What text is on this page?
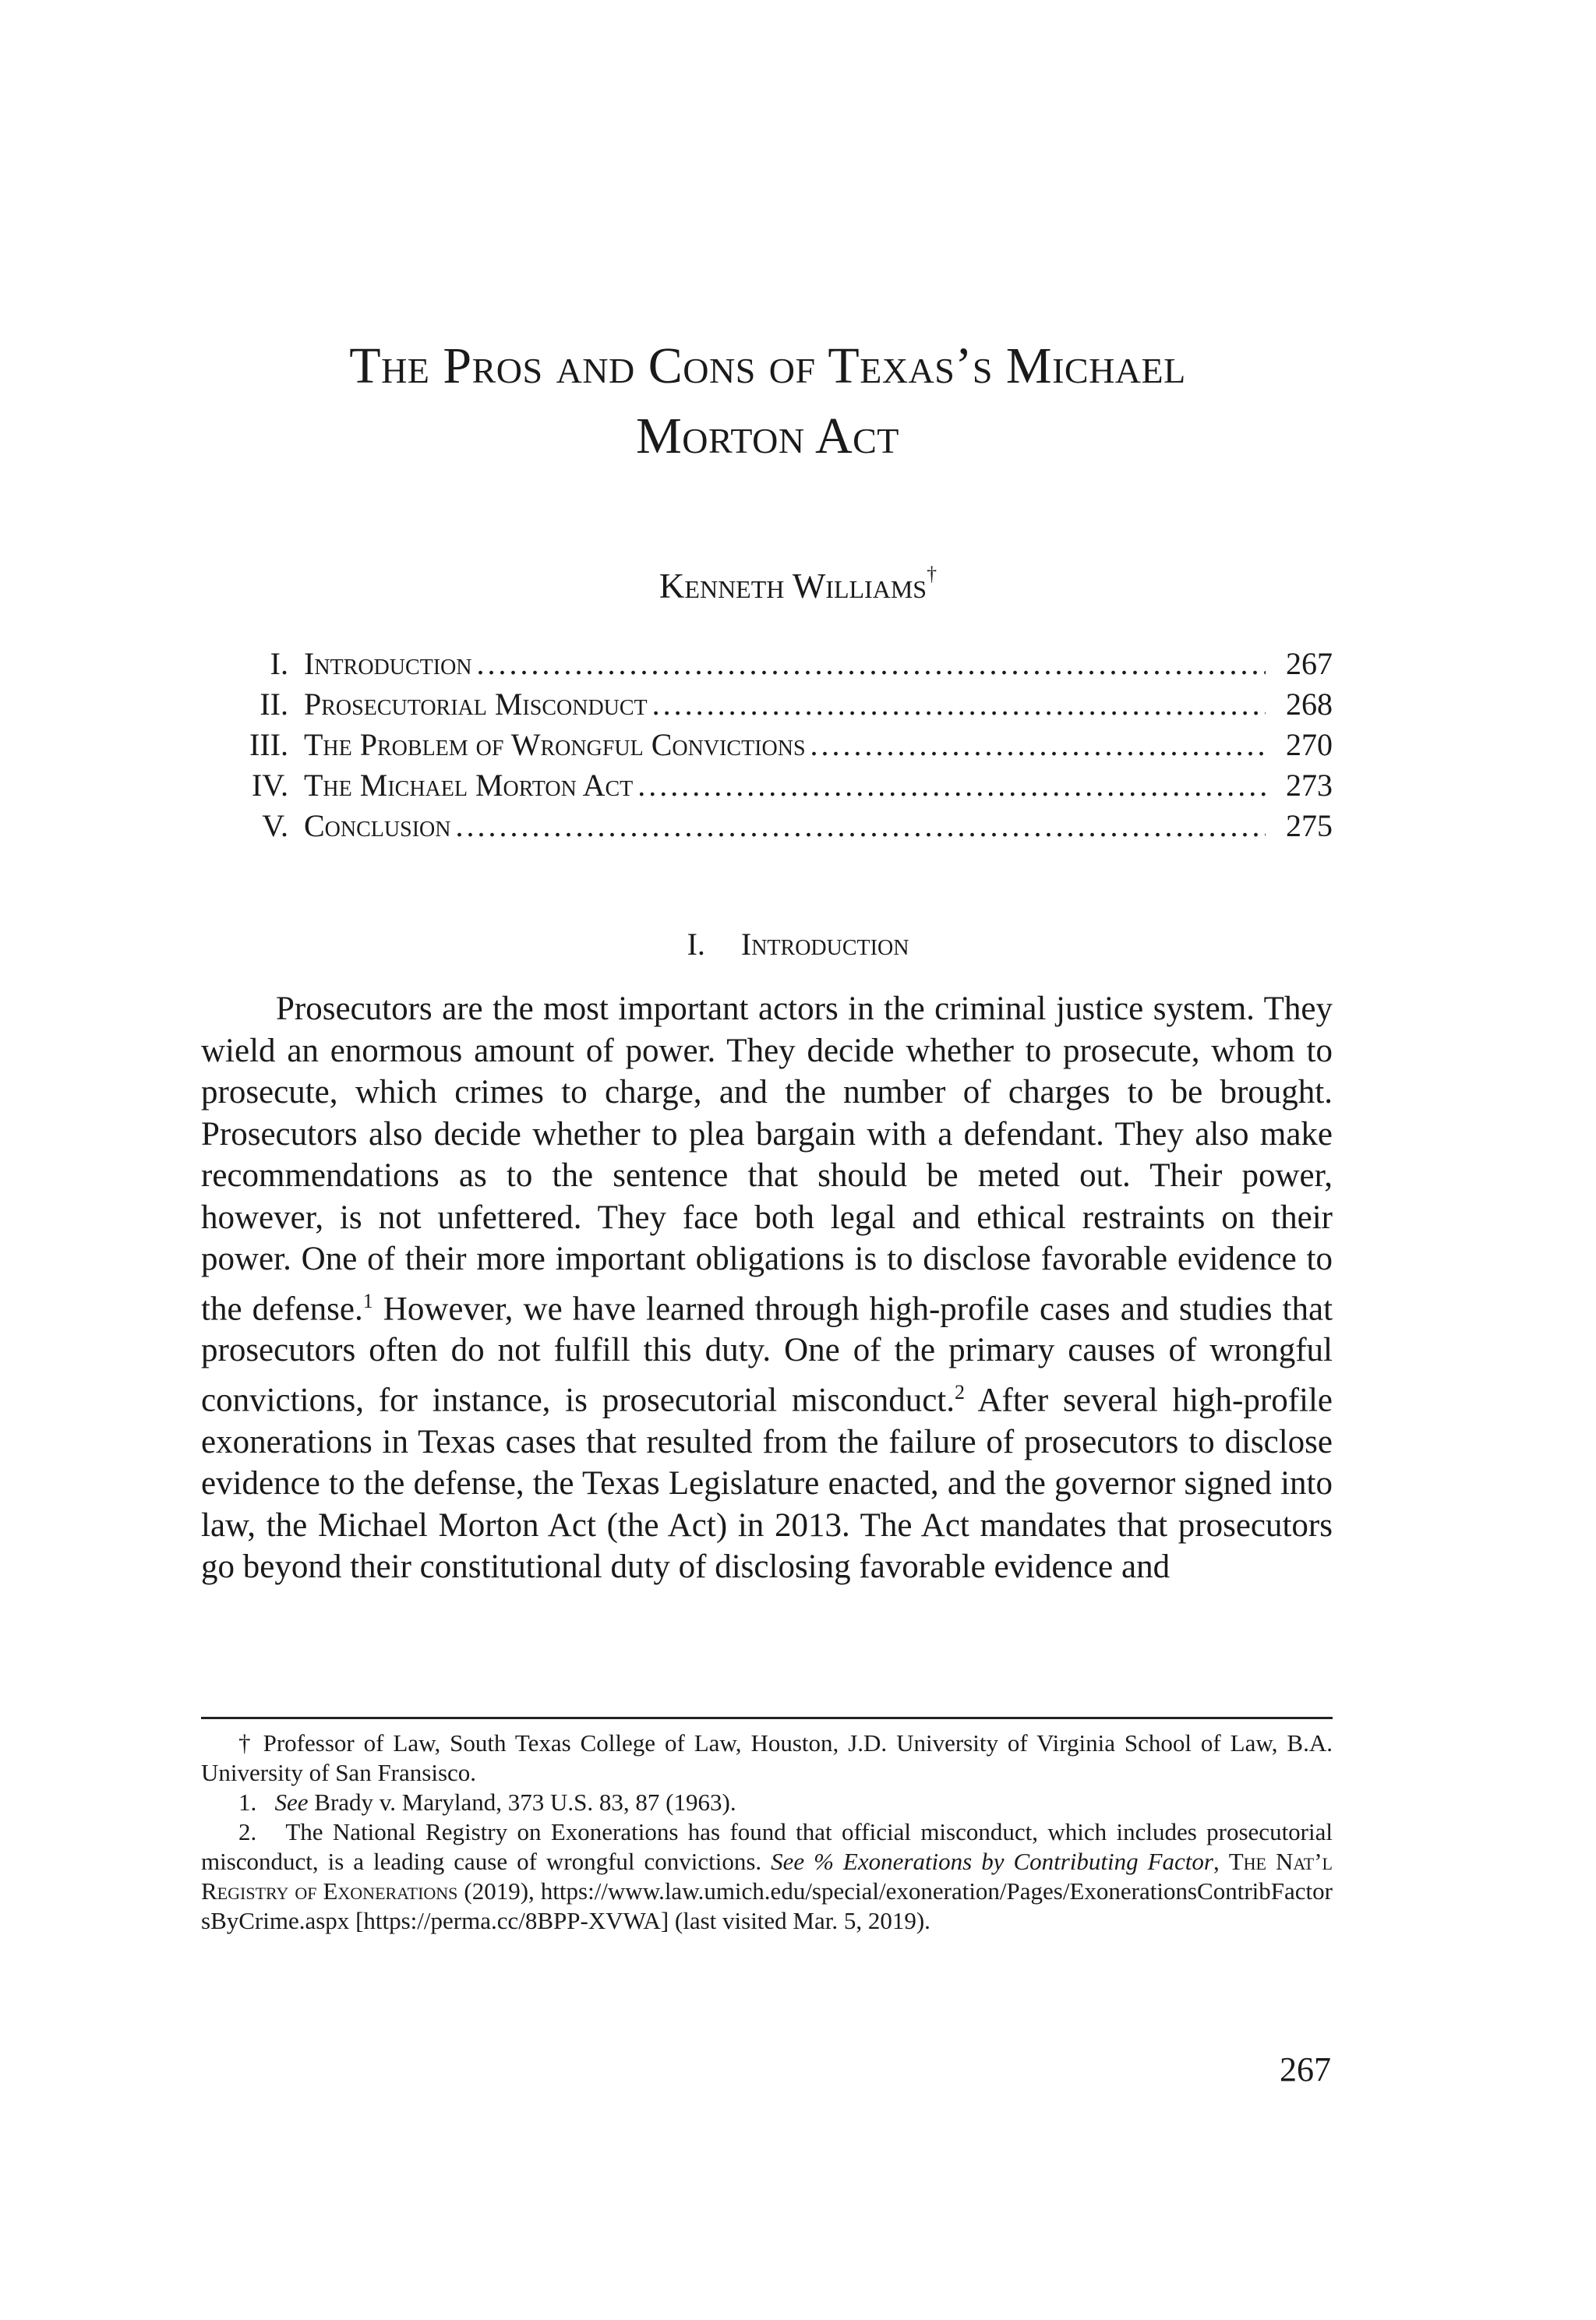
The Pros and Cons of Texas’s Michael
Morton Act
Kenneth Williams†
I. Introduction . . .	267
II. Prosecutorial Misconduct . . .	268
III. The Problem of Wrongful Convictions . . .	270
IV. The Michael Morton Act . . .	273
V. Conclusion . . .	275
I. Introduction

Prosecutors are the most important actors in the criminal justice system. They wield an enormous amount of power. They decide whether to prosecute, whom to prosecute, which crimes to charge, and the number of charges to be brought. Prosecutors also decide whether to plea bargain with a defendant. They also make recommendations as to the sentence that should be meted out. Their power, however, is not unfettered. They face both legal and ethical restraints on their power. One of their more important obligations is to disclose favorable evidence to the defense.$^1$ However, we have learned through high-profile cases and studies that prosecutors often do not fulfill this duty. One of the primary causes of wrongful convictions, for instance, is prosecutorial misconduct.$^2$ After several high-profile exonerations in Texas cases that resulted from the failure of prosecutors to disclose evidence to the defense, the Texas Legislature enacted, and the governor signed into law, the Michael Morton Act (the Act) in 2013. The Act mandates that prosecutors go beyond their constitutional duty of disclosing favorable evidence and

† Professor of Law, South Texas College of Law, Houston, J.D. University of Virginia School of Law, B.A. University of San Fransisco.

1. See Brady v. Maryland, 373 U.S. 83, 87 (1963).

2. The National Registry on Exonerations has found that official misconduct, which includes prosecutorial misconduct, is a leading cause of wrongful convictions. See % Exonerations by Contributing Factor, The Nat’l Registry of Exonerations (2019), https://www.law.umich.edu/special/exoneration/Pages/ExonerationsContribFactorsByCrime.aspx [https://perma.cc/8BPP-XVWA] (last visited Mar. 5, 2019).

267
